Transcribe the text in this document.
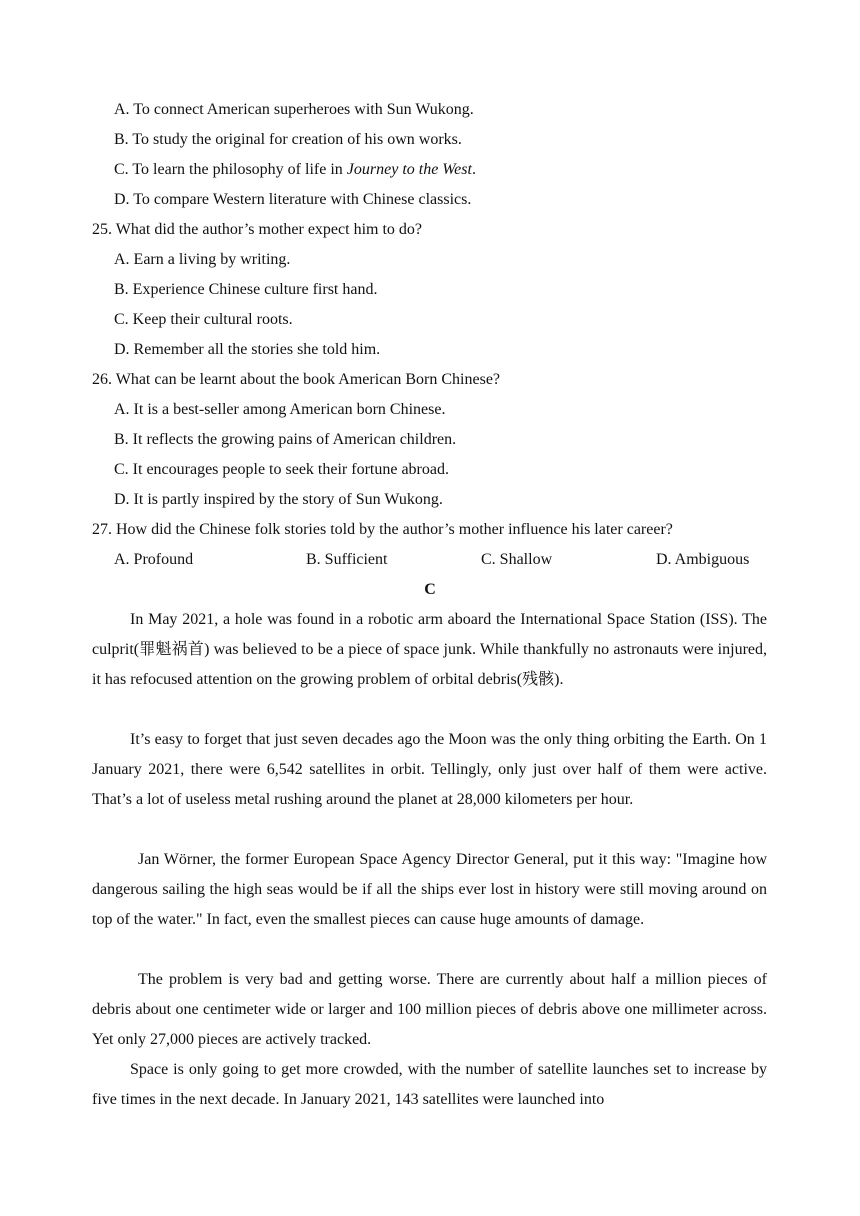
A. To connect American superheroes with Sun Wukong.
B. To study the original for creation of his own works.
C. To learn the philosophy of life in Journey to the West.
D. To compare Western literature with Chinese classics.
25. What did the author’s mother expect him to do?
A. Earn a living by writing.
B. Experience Chinese culture first hand.
C. Keep their cultural roots.
D. Remember all the stories she told him.
26. What can be learnt about the book American Born Chinese?
A. It is a best-seller among American born Chinese.
B. It reflects the growing pains of American children.
C. It encourages people to seek their fortune abroad.
D. It is partly inspired by the story of Sun Wukong.
27. How did the Chinese folk stories told by the author’s mother influence his later career?
A. Profound	B. Sufficient	C. Shallow	D. Ambiguous
C

In May 2021, a hole was found in a robotic arm aboard the International Space Station (ISS). The culprit(罪魁祸首) was believed to be a piece of space junk. While thankfully no astronauts were injured, it has refocused attention on the growing problem of orbital debris(残骸).

It’s easy to forget that just seven decades ago the Moon was the only thing orbiting the Earth. On 1 January 2021, there were 6,542 satellites in orbit. Tellingly, only just over half of them were active. That’s a lot of useless metal rushing around the planet at 28,000 kilometers per hour.

Jan Wörner, the former European Space Agency Director General, put it this way: "Imagine how dangerous sailing the high seas would be if all the ships ever lost in history were still moving around on top of the water." In fact, even the smallest pieces can cause huge amounts of damage.

The problem is very bad and getting worse. There are currently about half a million pieces of debris about one centimeter wide or larger and 100 million pieces of debris above one millimeter across. Yet only 27,000 pieces are actively tracked.

Space is only going to get more crowded, with the number of satellite launches set to increase by five times in the next decade. In January 2021, 143 satellites were launched into
